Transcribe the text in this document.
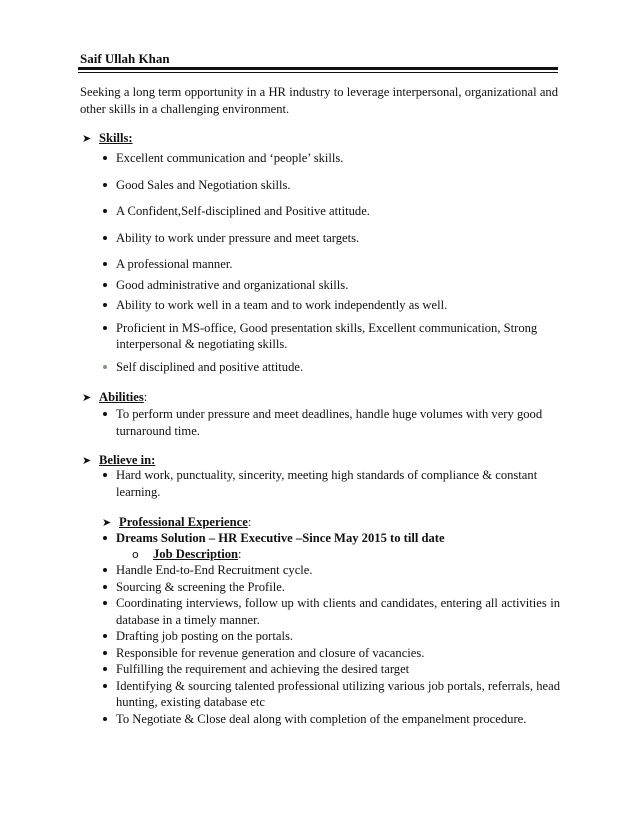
Saif Ullah Khan
Seeking a long term opportunity in a HR industry to leverage interpersonal, organizational and other skills in a challenging environment.
➤ Skills:
Excellent communication and ‘people’ skills.
Good Sales and Negotiation skills.
A Confident,Self-disciplined and Positive attitude.
Ability to work under pressure and meet targets.
A professional manner.
Good administrative and organizational skills.
Ability to work well in a team and to work independently as well.
Proficient in MS-office, Good presentation skills, Excellent communication, Strong interpersonal & negotiating skills.
Self disciplined and positive attitude.
➤ Abilities:
To perform under pressure and meet deadlines, handle huge volumes with very good turnaround time.
➤ Believe in:
Hard work, punctuality, sincerity, meeting high standards of compliance & constant learning.
➤ Professional Experience:
Dreams Solution – HR Executive –Since May 2015 to till date
o Job Description:
Handle End-to-End Recruitment cycle.
Sourcing & screening the Profile.
Coordinating interviews, follow up with clients and candidates, entering all activities in database in a timely manner.
Drafting job posting on the portals.
Responsible for revenue generation and closure of vacancies.
Fulfilling the requirement and achieving the desired target
Identifying & sourcing talented professional utilizing various job portals, referrals, head hunting, existing database etc
To Negotiate & Close deal along with completion of the empanelment procedure.
